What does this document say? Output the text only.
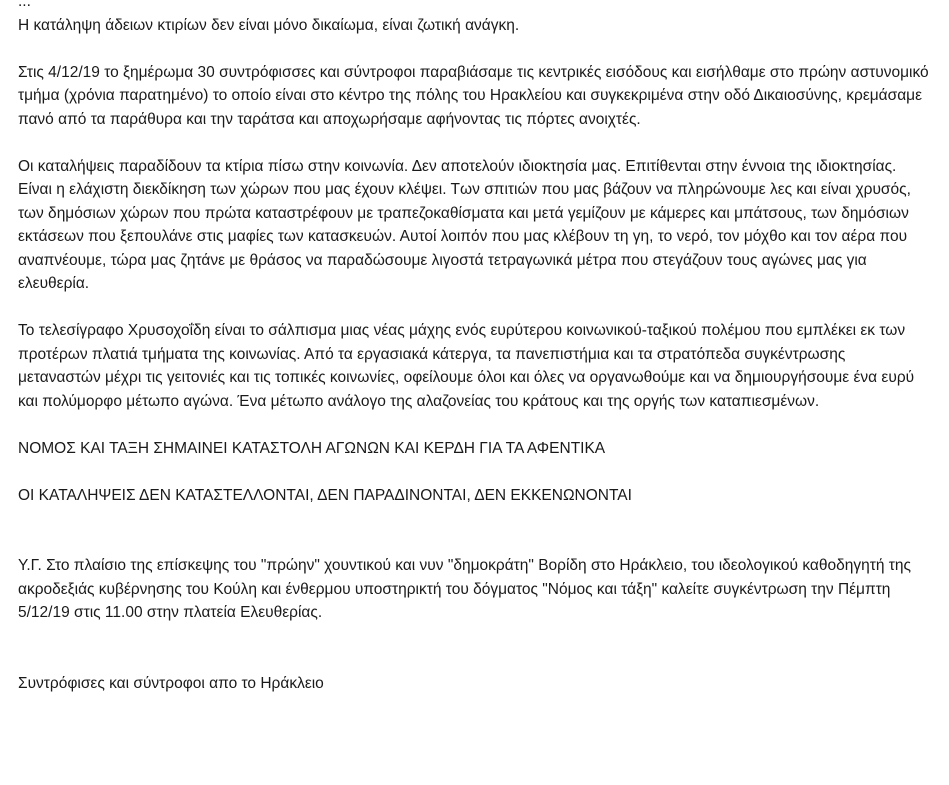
...

Η κατάληψη άδειων κτιρίων δεν είναι μόνο δικαίωμα, είναι ζωτική ανάγκη.

Στις 4/12/19 το ξημέρωμα 30 συντρόφισσες και σύντροφοι παραβιάσαμε τις κεντρικές εισόδους και εισήλθαμε στο πρώην αστυνομικό τμήμα (χρόνια παρατημένο) το οποίο είναι στο κέντρο της πόλης του Ηρακλείου και συγκεκριμένα στην οδό Δικαιοσύνης, κρεμάσαμε πανό από τα παράθυρα και την ταράτσα και αποχωρήσαμε αφήνοντας τις πόρτες ανοιχτές.

Οι καταλήψεις παραδίδουν τα κτίρια πίσω στην κοινωνία. Δεν αποτελούν ιδιοκτησία μας. Επιτίθενται στην έννοια της ιδιοκτησίας. Είναι η ελάχιστη διεκδίκηση των χώρων που μας έχουν κλέψει. Των σπιτιών που μας βάζουν να πληρώνουμε λες και είναι χρυσός, των δημόσιων χώρων που πρώτα καταστρέφουν με τραπεζοκαθίσματα και μετά γεμίζουν με κάμερες και μπάτσους, των δημόσιων εκτάσεων που ξεπουλάνε στις μαφίες των κατασκευών. Αυτοί λοιπόν που μας κλέβουν τη γη, το νερό, τον μόχθο και τον αέρα που αναπνέουμε, τώρα μας ζητάνε με θράσος να παραδώσουμε λιγοστά τετραγωνικά μέτρα που στεγάζουν τους αγώνες μας για ελευθερία.

Το τελεσίγραφο Χρυσοχοΐδη είναι το σάλπισμα μιας νέας μάχης ενός ευρύτερου κοινωνικού-ταξικού πολέμου που εμπλέκει εκ των προτέρων πλατιά τμήματα της κοινωνίας. Από τα εργασιακά κάτεργα, τα πανεπιστήμια και τα στρατόπεδα συγκέντρωσης μεταναστών μέχρι τις γειτονιές και τις τοπικές κοινωνίες, οφείλουμε όλοι και όλες να οργανωθούμε και να δημιουργήσουμε ένα ευρύ και πολύμορφο μέτωπο αγώνα. Ένα μέτωπο ανάλογο της αλαζονείας του κράτους και της οργής των καταπιεσμένων.

ΝΟΜΟΣ ΚΑΙ ΤΑΞΗ ΣΗΜΑΙΝΕΙ ΚΑΤΑΣΤΟΛΗ ΑΓΩΝΩΝ ΚΑΙ ΚΕΡΔΗ ΓΙΑ ΤΑ ΑΦΕΝΤΙΚΑ

ΟΙ ΚΑΤΑΛΗΨΕΙΣ ΔΕΝ ΚΑΤΑΣΤΕΛΛΟΝΤΑΙ, ΔΕΝ ΠΑΡΑΔΙΝΟΝΤΑΙ, ΔΕΝ ΕΚΚΕΝΩΝΟΝΤΑΙ

Υ.Γ. Στο πλαίσιο της επίσκεψης του "πρώην" χουντικού και νυν "δημοκράτη" Βορίδη στο Ηράκλειο, του ιδεολογικού καθοδηγητή της ακροδεξιάς κυβέρνησης του Κούλη και ένθερμου υποστηρικτή του δόγματος "Νόμος και τάξη" καλείτε συγκέντρωση την Πέμπτη 5/12/19 στις 11.00 στην πλατεία Ελευθερίας.

Συντρόφισες και σύντροφοι απο το Ηράκλειο
